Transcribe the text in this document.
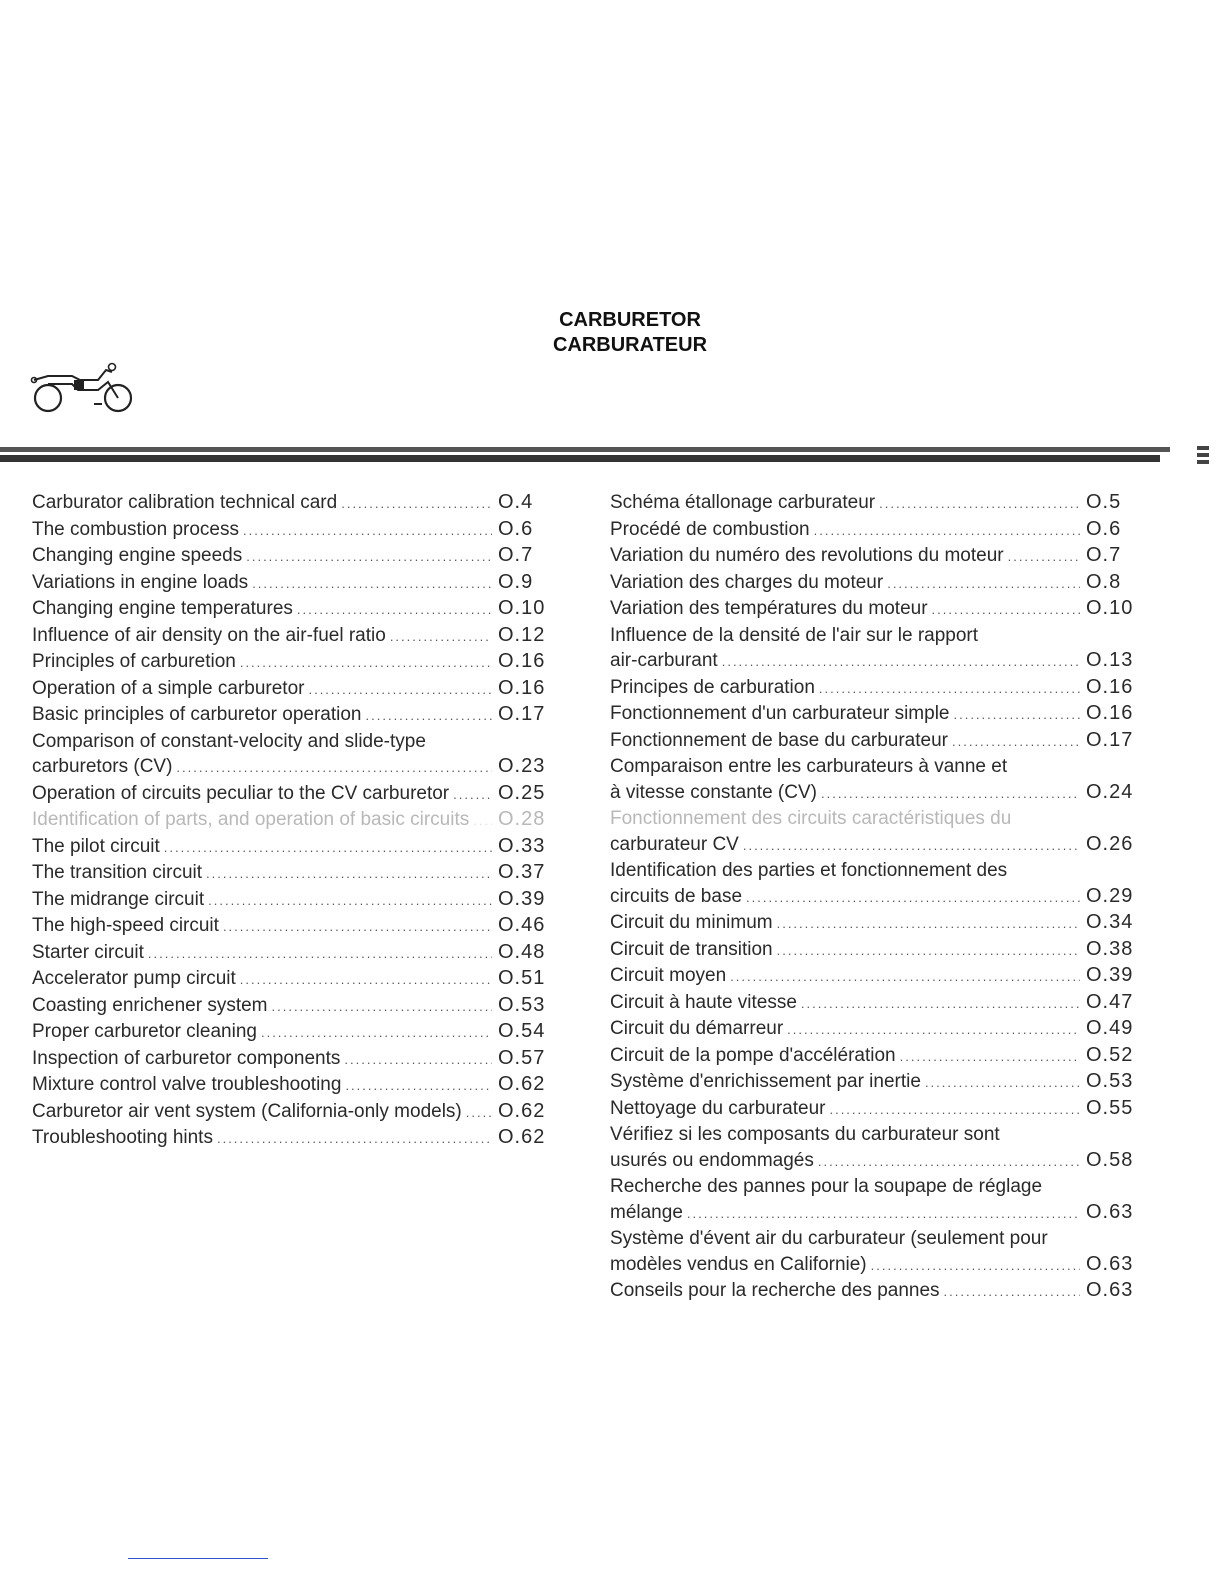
CARBURETOR
CARBURATEUR
Carburator calibration technical card .....	O.4
The combustion process .....	O.6
Changing engine speeds .....	O.7
Variations in engine loads .....	O.9
Changing engine temperatures .....	O.10
Influence of air density on the air-fuel ratio .....	O.12
Principles of carburetion .....	O.16
Operation of a simple carburetor .....	O.16
Basic principles of carburetor operation .....	O.17
Comparison of constant-velocity and slide-type
carburetors (CV) .....	O.23
Operation of circuits peculiar to the CV carburetor ..... O.25
Identification of parts, and operation of basic circuits ..... O.28
The pilot circuit .....	O.33
The transition circuit .....	O.37
The midrange circuit .....	O.39
The high-speed circuit .....	O.46
Starter circuit .....	O.48
Accelerator pump circuit .....	O.51
Coasting enrichener system .....	O.53
Proper carburetor cleaning .....	O.54
Inspection of carburetor components .....	O.57
Mixture control valve troubleshooting .....	O.62
Carburetor air vent system (California-only models) ..... O.62
Troubleshooting hints .....	O.62
Schéma étallonage carburateur .....	O.5
Procédé de combustion .....	O.6
Variation du numéro des revolutions du moteur .....	O.7
Variation des charges du moteur .....	O.8
Variation des températures du moteur .....	O.10
Influence de la densité de l'air sur le rapport
air-carburant .....	O.13
Principes de carburation .....	O.16
Fonctionnement d'un carburateur simple .....	O.16
Fonctionnement de base du carburateur .....	O.17
Comparaison entre les carburateurs à vanne et
à vitesse constante (CV) .....	O.24
Fonctionnement des circuits caractéristiques du
carburateur CV .....	O.26
Identification des parties et fonctionnement des
circuits de base .....	O.29
Circuit du minimum .....	O.34
Circuit de transition .....	O.38
Circuit moyen .....	O.39
Circuit à haute vitesse .....	O.47
Circuit du démarreur .....	O.49
Circuit de la pompe d'accélération .....	O.52
Système d'enrichissement par inertie .....	O.53
Nettoyage du carburateur .....	O.55
Vérifiez si les composants du carburateur sont
usurés ou endommagés .....	O.58
Recherche des pannes pour la soupape de réglage
mélange .....	O.63
Système d'évent air du carburateur (seulement pour
modèles vendus en Californie) .....	O.63
Conseils pour la recherche des pannes .....	O.63
